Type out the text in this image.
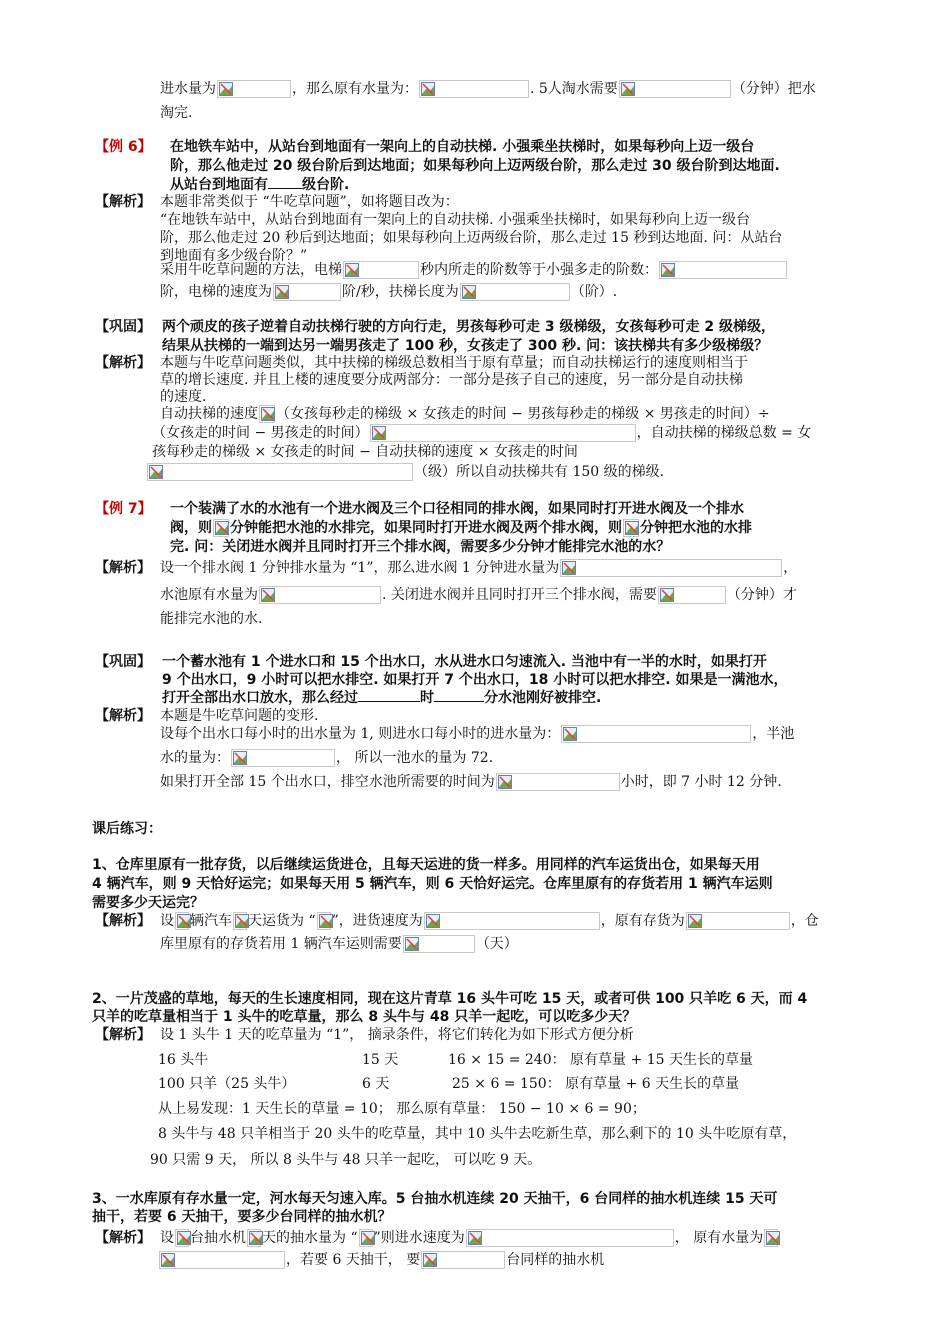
进水量为	，那么原有水量为：	. 5人淘水需要	（分钟）把水
淘完.
【例 6】 在地铁车站中，从站台到地面有一架向上的自动扶梯. 小强乘坐扶梯时，如果每秒向上迈一级台
阶，那么他走过 20 级台阶后到达地面；如果每秒向上迈两级台阶，那么走过 30 级台阶到达地面.
从站台到地面有 级台阶.
【解析】 本题非常类似于 “牛吃草问题”，如将题目改为：
“在地铁车站中，从站台到地面有一架向上的自动扶梯. 小强乘坐扶梯时，如果每秒向上迈一级台
阶，那么他走过 20 秒后到达地面；如果每秒向上迈两级台阶，那么走过 15 秒到达地面. 问：从站台
到地面有多少级台阶？”
采用牛吃草问题的方法，电梯	秒内所走的阶数等于小强多走的阶数：
阶，电梯的速度为	阶/秒，扶梯长度为	（阶）.
【巩固】 两个顽皮的孩子逆着自动扶梯行驶的方向行走，男孩每秒可走 3 级梯级，女孩每秒可走 2 级梯级，
结果从扶梯的一端到达另一端男孩走了 100 秒，女孩走了 300 秒. 问：该扶梯共有多少级梯级？
【解析】 本题与牛吃草问题类似，其中扶梯的梯级总数相当于原有草量；而自动扶梯运行的速度则相当于
草的增长速度. 并且上楼的速度要分成两部分：一部分是孩子自己的速度，另一部分是自动扶梯
的速度.
自动扶梯的速度 （女孩每秒走的梯级 × 女孩走的时间 − 男孩每秒走的梯级 × 男孩走的时间）÷
（女孩走的时间 − 男孩走的时间）	，自动扶梯的梯级总数 = 女
孩每秒走的梯级 × 女孩走的时间 − 自动扶梯的速度 × 女孩走的时间
（级）所以自动扶梯共有 150 级的梯级.
【例 7】 一个装满了水的水池有一个进水阀及三个口径相同的排水阀，如果同时打开进水阀及一个排水
阀，则 分钟能把水池的水排完，如果同时打开进水阀及两个排水阀，则 分钟把水池的水排
完. 问：关闭进水阀并且同时打开三个排水阀，需要多少分钟才能排完水池的水？
【解析】 设一个排水阀 1 分钟排水量为 “1”，那么进水阀 1 分钟进水量为	，
水池原有水量为	. 关闭进水阀并且同时打开三个排水阀，需要	（分钟）才
能排完水池的水.
【巩固】 一个蓄水池有 1 个进水口和 15 个出水口，水从进水口匀速流入. 当池中有一半的水时，如果打开
9 个出水口，9 小时可以把水排空. 如果打开 7 个出水口，18 小时可以把水排空. 如果是一满池水，
打开全部出水口放水，那么经过	时	分水池刚好被排空.
【解析】 本题是牛吃草问题的变形.
设每个出水口每小时的出水量为 1, 则进水口每小时的进水量为：	，半池
水的量为：	， 所以一池水的量为 72.
如果打开全部 15 个出水口，排空水池所需要的时间为	小时，即 7 小时 12 分钟.
课后练习：
1、仓库里原有一批存货，以后继续运货进仓，且每天运进的货一样多。用同样的汽车运货出仓，如果每天用
4 辆汽车，则 9 天恰好运完；如果每天用 5 辆汽车，则 6 天恰好运完。仓库里原有的存货若用 1 辆汽车运则
需要多少天运完？
【解析】 设 辆汽车 天运货为 “ ”，进货速度为	，原有存货为	，仓
库里原有的存货若用 1 辆汽车运则需要	（天）
2、一片茂盛的草地，每天的生长速度相同，现在这片青草 16 头牛可吃 15 天，或者可供 100 只羊吃 6 天，而 4
只羊的吃草量相当于 1 头牛的吃草量，那么 8 头牛与 48 只羊一起吃，可以吃多少天？
【解析】 设 1 头牛 1 天的吃草量为 “1”， 摘录条件，将它们转化为如下形式方便分析
16 头牛	15 天	16 × 15 = 240： 原有草量 + 15 天生长的草量
100 只羊（25 头牛）	6 天	25 × 6 = 150： 原有草量 + 6 天生长的草量
从上易发现：1 天生长的草量 = 10； 那么原有草量： 150 − 10 × 6 = 90；
8 头牛与 48 只羊相当于 20 头牛的吃草量，其中 10 头牛去吃新生草，那么剩下的 10 头牛吃原有草，
90 只需 9 天， 所以 8 头牛与 48 只羊一起吃， 可以吃 9 天。
3、一水库原有存水量一定，河水每天匀速入库。5 台抽水机连续 20 天抽干，6 台同样的抽水机连续 15 天可
抽干，若要 6 天抽干，要多少台同样的抽水机？
【解析】 设 台抽水机 天的抽水量为 “ ”则进水速度为	， 原有水量为
，若要 6 天抽干， 要	台同样的抽水机
